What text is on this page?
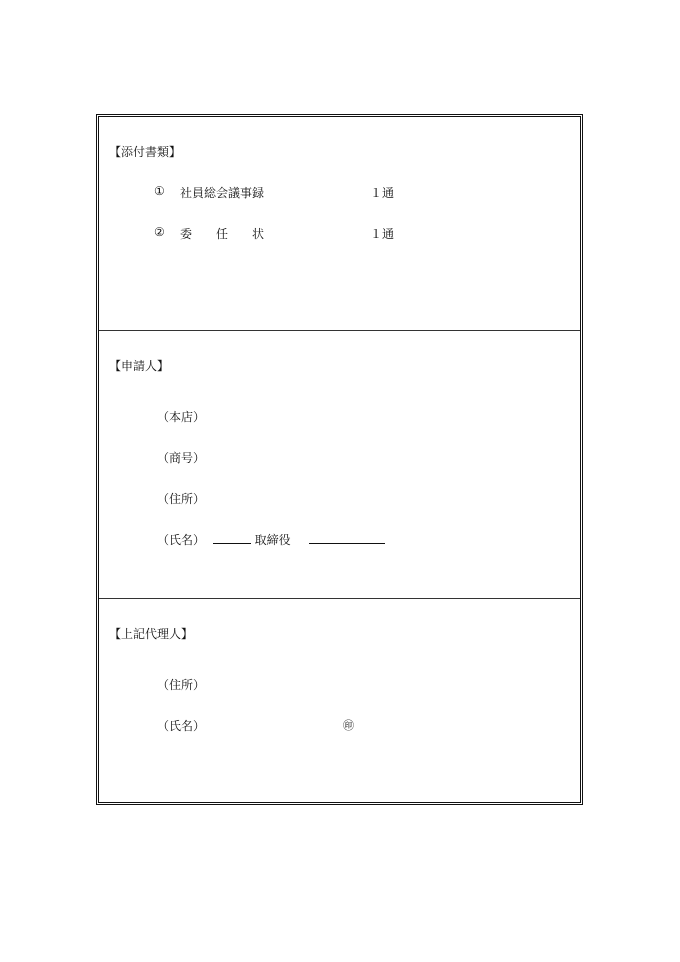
【添付書類】
① 社員総会議事録	１通
② 委任状	１通
【申請人】
（本店）
（商号）
（住所）
（氏名）	取締役
【上記代理人】
（住所）
（氏名）	㊞
